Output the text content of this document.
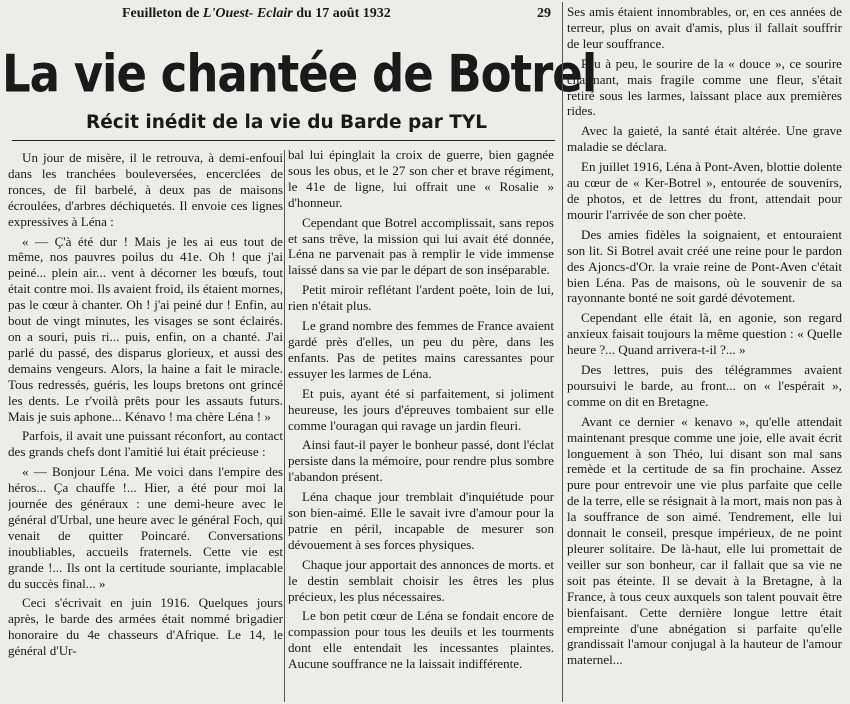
Feuilleton de L'Ouest- Eclair du 17 août 1932	29
La vie chantée de Botrel
Récit inédit de la vie du Barde par TYL

Un jour de misère, il le retrouva, à demi-enfoui dans les tranchées bouleversées, encerclées de ronces, de fil barbelé, à deux pas de maisons écroulées, d'arbres déchiquetés. Il envoie ces lignes expressives à Léna :

« — Ç'à été dur ! Mais je les ai eus tout de même, nos pauvres poilus du 41e. Oh ! que j'ai peiné... plein air... vent à décorner les bœufs, tout était contre moi. Ils avaient froid, ils étaient mornes, pas le cœur à chanter. Oh ! j'ai peiné dur ! Enfin, au bout de vingt minutes, les visages se sont éclairés. on a souri, puis ri... puis, enfin, on a chanté. J'ai parlé du passé, des disparus glorieux, et aussi des demains vengeurs. Alors, la haine a fait le miracle. Tous redressés, guéris, les loups bretons ont grincé les dents. Le r'voilà prêts pour les assauts futurs. Mais je suis aphone... Kénavo ! ma chère Léna ! »

Parfois, il avait une puissant réconfort, au contact des grands chefs dont l'amitié lui était précieuse :

« — Bonjour Léna. Me voici dans l'empire des héros... Ça chauffe !... Hier, a été pour moi la journée des généraux : une demi-heure avec le général d'Urbal, une heure avec le général Foch, qui venait de quitter Poincaré. Conversations inoubliables, accueils fraternels. Cette vie est grande !... Ils ont la certitude souriante, implacable du succès final... »

Ceci s'écrivait en juin 1916. Quelques jours après, le barde des armées était nommé brigadier honoraire du 4e chasseurs d'Afrique. Le 14, le général d'Ur-

bal lui épinglait la croix de guerre, bien gagnée sous les obus, et le 27 son cher et brave régiment, le 41e de ligne, lui offrait une « Rosalie » d'honneur.

Cependant que Botrel accomplissait, sans repos et sans trêve, la mission qui lui avait été donnée, Léna ne parvenait pas à remplir le vide immense laissé dans sa vie par le départ de son inséparable.

Petit miroir reflétant l'ardent poète, loin de lui, rien n'était plus.

Le grand nombre des femmes de France avaient gardé près d'elles, un peu du père, dans les enfants. Pas de petites mains caressantes pour essuyer les larmes de Léna.

Et puis, ayant été si parfaitement, si joliment heureuse, les jours d'épreuves tombaient sur elle comme l'ouragan qui ravage un jardin fleuri.

Ainsi faut-il payer le bonheur passé, dont l'éclat persiste dans la mémoire, pour rendre plus sombre l'abandon présent.

Léna chaque jour tremblait d'inquiétude pour son bien-aimé. Elle le savait ivre d'amour pour la patrie en péril, incapable de mesurer son dévouement à ses forces physiques.

Chaque jour apportait des annonces de morts. et le destin semblait choisir les êtres les plus précieux, les plus nécessaires.

Le bon petit cœur de Léna se fondait encore de compassion pour tous les deuils et les tourments dont elle entendait les incessantes plaintes. Aucune souffrance ne la laissait indifférente.

Ses amis étaient innombrables, or, en ces années de terreur, plus on avait d'amis, plus il fallait souffrir de leur souffrance.

Peu à peu, le sourire de la « douce », ce sourire charmant, mais fragile comme une fleur, s'était retiré sous les larmes, laissant place aux premières rides.

Avec la gaieté, la santé était altérée. Une grave maladie se déclara.

En juillet 1916, Léna à Pont-Aven, blottie dolente au cœur de « Ker-Botrel », entourée de souvenirs, de photos, et de lettres du front, attendait pour mourir l'arrivée de son cher poète.

Des amies fidèles la soignaient, et entouraient son lit. Si Botrel avait créé une reine pour le pardon des Ajoncs-d'Or. la vraie reine de Pont-Aven c'était bien Léna. Pas de maisons, où le souvenir de sa rayonnante bonté ne soit gardé dévotement.

Cependant elle était là, en agonie, son regard anxieux faisait toujours la même question : « Quelle heure ?... Quand arrivera-t-il ?... »

Des lettres, puis des télégrammes avaient poursuivi le barde, au front... on « l'espérait », comme on dit en Bretagne.

Avant ce dernier « kenavo », qu'elle attendait maintenant presque comme une joie, elle avait écrit longuement à son Théo, lui disant son mal sans remède et la certitude de sa fin prochaine. Assez pure pour entrevoir une vie plus parfaite que celle de la terre, elle se résignait à la mort, mais non pas à la souffrance de son aimé. Tendrement, elle lui donnait le conseil, presque impérieux, de ne point pleurer solitaire. De là-haut, elle lui promettait de veiller sur son bonheur, car il fallait que sa vie ne soit pas éteinte. Il se devait à la Bretagne, à la France, à tous ceux auxquels son talent pouvait être bienfaisant. Cette dernière longue lettre était empreinte d'une abnégation si parfaite qu'elle grandissait l'amour conjugal à la hauteur de l'amour maternel...
